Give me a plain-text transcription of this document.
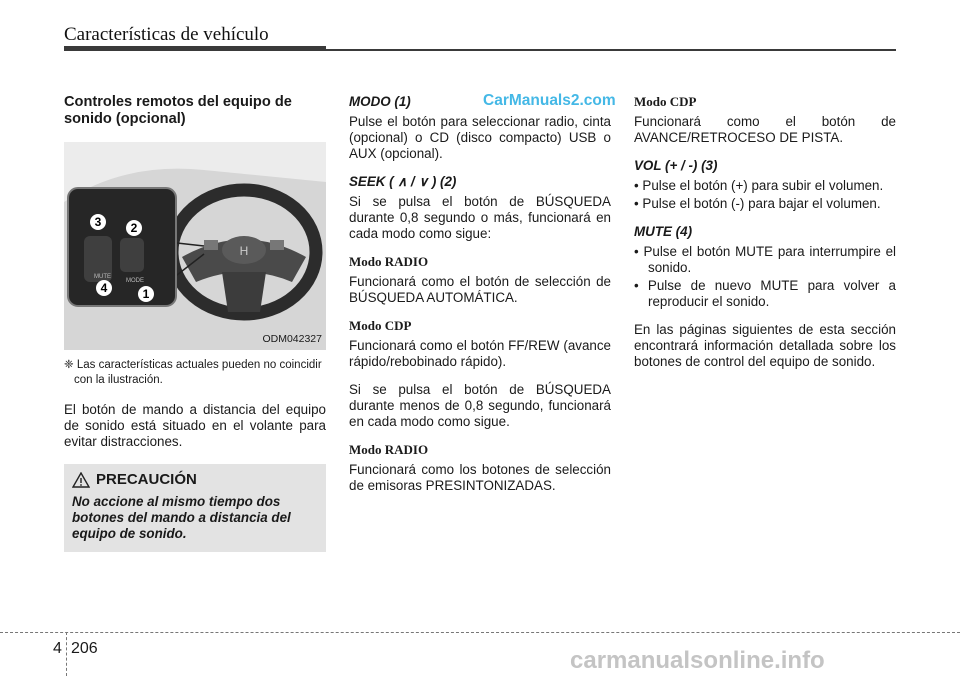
Características de vehículo
CarManuals2.com
Controles remotos del equipo de sonido (opcional)
H
MUTE
MODE
1
2
3
4
ODM042327
❈ Las características actuales pueden no coincidir con la ilustración.

El botón de mando a distancia del equipo de sonido está situado en el volante para evitar distracciones.

PRECAUCIÓN
No accione al mismo tiempo dos botones del mando a distancia del equipo de sonido.
MODO (1)

Pulse el botón para seleccionar radio, cinta (opcional) o CD (disco compacto) USB o AUX (opcional).

SEEK ( ∧ / ∨ ) (2)

Si se pulsa el botón de BÚSQUEDA durante 0,8 segundo o más, funcionará en cada modo como sigue:

Modo RADIO

Funcionará como el botón de selección de BÚSQUEDA AUTOMÁTICA.

Modo CDP

Funcionará como el botón FF/REW (avance rápido/rebobinado rápido).

Si se pulsa el botón de BÚSQUEDA durante menos de 0,8 segundo, funcionará en cada modo como sigue.

Modo RADIO

Funcionará como los botones de selección de emisoras PRESINTONIZADAS.

Modo CDP

Funcionará como el botón de AVANCE/RETROCESO DE PISTA.

VOL (+ / -) (3)
• Pulse el botón (+) para subir el volumen.
• Pulse el botón (-) para bajar el volumen.
MUTE (4)
• Pulse el botón MUTE para interrumpire el sonido.
• Pulse de nuevo MUTE para volver a reproducir el sonido.

En las páginas siguientes de esta sección encontrará información detallada sobre los botones de control del equipo de sonido.

4 206	carmanualsonline.info
